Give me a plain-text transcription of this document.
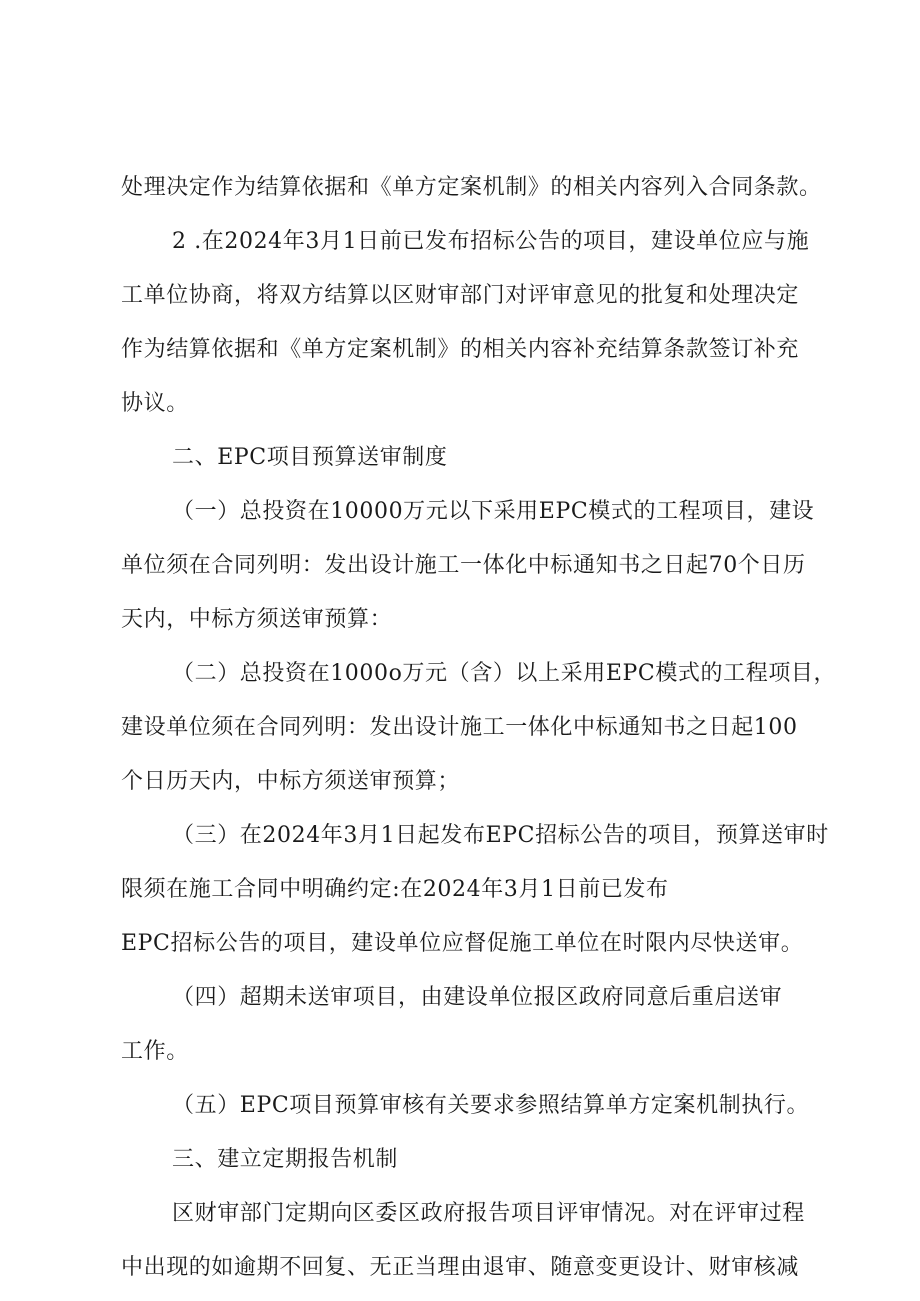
处理决定作为结算依据和《单方定案机制》的相关内容列入合同条款。
2 .在2024年3月1日前已发布招标公告的项目，建设单位应与施
工单位协商，将双方结算以区财审部门对评审意见的批复和处理决定
作为结算依据和《单方定案机制》的相关内容补充结算条款签订补充
协议。
二、EPC项目预算送审制度
（一）总投资在10000万元以下采用EPC模式的工程项目，建设
单位须在合同列明：发出设计施工一体化中标通知书之日起70个日历
天内，中标方须送审预算：
（二）总投资在1000o万元（含）以上采用EPC模式的工程项目，
建设单位须在合同列明：发出设计施工一体化中标通知书之日起100
个日历天内，中标方须送审预算；
（三）在2024年3月1日起发布EPC招标公告的项目，预算送审时
限须在施工合同中明确约定:在2024年3月1日前已发布
EPC招标公告的项目，建设单位应督促施工单位在时限内尽快送审。
（四）超期未送审项目，由建设单位报区政府同意后重启送审
工作。
（五）EPC项目预算审核有关要求参照结算单方定案机制执行。
三、建立定期报告机制
区财审部门定期向区委区政府报告项目评审情况。对在评审过程
中出现的如逾期不回复、无正当理由退审、随意变更设计、财审核减
